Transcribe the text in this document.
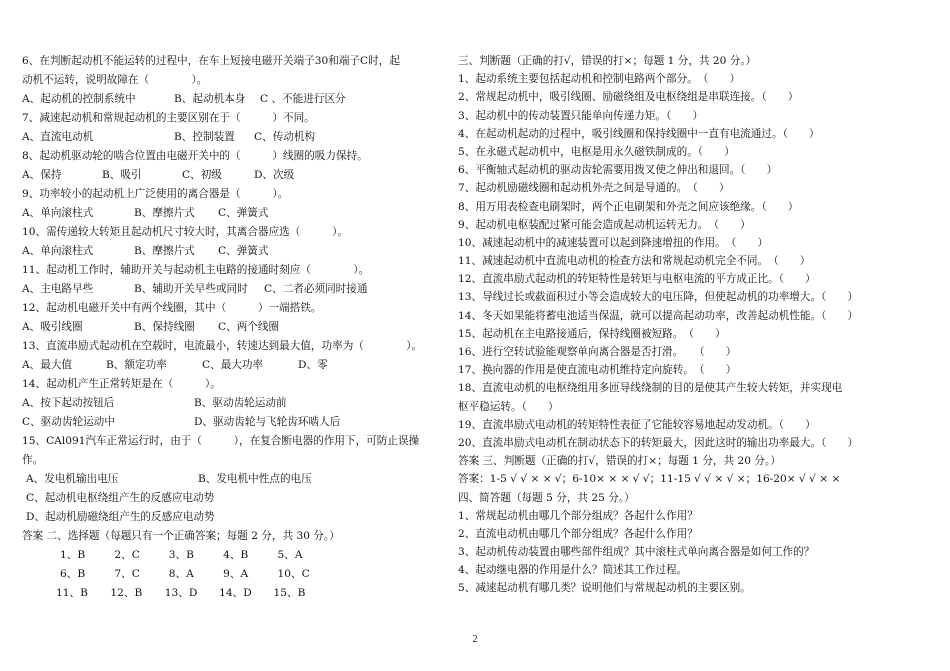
6、在判断起动机不能运转的过程中，在车上短接电磁开关端子30和端子C时，起
动机不运转，说明故障在（　　　　）。
A、起动机的控制系统中	B、起动机本身	C 、不能进行区分
7、减速起动机和常规起动机的主要区别在于（　　　）不同。
A、直流电动机	B、控制装置	C、传动机构
8、起动机驱动轮的啮合位置由电磁开关中的（　　　）线圈的吸力保持。
A、保持	B、吸引	C、初级	D、次级
9、功率较小的起动机上广泛使用的离合器是（　　　）。
A、单向滚柱式	B、摩擦片式	C、弹簧式
10、需传递较大转矩且起动机尺寸较大时，其离合器应选（　　　）。
A、单向滚柱式	B、摩擦片式	C、弹簧式
11、起动机工作时，辅助开关与起动机主电路的接通时刻应（　　　　）。
A、主电路早些	B、辅助开关早些或同时	C、二者必须同时接通
12、起动机电磁开关中有两个线圈，其中（　　　）一端搭铁。
A、吸引线圈	B、保持线圈	C、两个线圈
13、直流串励式起动机在空载时，电流最小，转速达到最大值，功率为（　　　　）。
A、最大值	B、额定功率	C、最大功率	D、零
14、起动机产生正常转矩是在（　　　）。
A、按下起动按钮后	B、驱动齿轮运动前
C、驱动齿轮运动中	D、驱动齿轮与飞轮齿环啮人后
15、CAl091汽车正常运行时，由于（　　　），在复合断电器的作用下，可防止误操
作。
A、发电机输出电压	B、发电机中性点的电压
C、起动机电枢绕组产生的反感应电动势
D、起动机励磁绕组产生的反感应电动势
答案 二、选择题（每题只有一个正确答案；每题 2 分，共 30 分。）
1、B	2、C	3、B	4、B	5、A
6、B	7、C	8、A	9、A	10、C
11、B 12、B 13、D 14、D 15、B
三、判断题（正确的打√，错误的打×；每题 1 分，共 20 分。）
1、起动系统主要包括起动机和控制电路两个部分。　（　　）
2、常规起动机中，吸引线圈、励磁绕组及电枢绕组是串联连接。（　　）
3、起动机中的传动装置只能单向传递力矩。（　　）
4、在起动机起动的过程中，吸引线圈和保持线圈中一直有电流通过。（　　）
5、在永磁式起动机中，电枢是用永久磁铁制成的。（　　）
6、平衡轴式起动机的驱动齿轮需要用拨叉使之伸出和退回。（　　）
7、起动机励磁线圈和起动机外壳之间是导通的。　（　　）
8、用万用表检查电刷架时，两个正电刷架和外壳之间应该绝缘。（　　）
9、起动机电枢装配过紧可能会造成起动机运转无力。　（　　）
10、减速起动机中的减速装置可以起到降速增扭的作用。　（　　）
11、减速起动机中直流电动机的检查方法和常规起动机完全不同。　（　　）
12、直流串励式起动机的转矩特性是转矩与电枢电流的平方成正比。（　　）
13、导线过长或截面积过小等会造成较大的电压降，但使起动机的功率增大。（　　）
14、冬天如果能将蓄电池适当保温，就可以提高起动功率，改善起动机性能。（　　）
15、起动机在主电路接通后，保持线圈被短路。　（　　）
16、进行空转试验能观察单向离合器是否打滑。　　（　　）
17、换向器的作用是使直流电动机维持定向旋转。　（　　）
18、直流电动机的电枢绕组用多匝导线绕制的目的是使其产生较大转矩，并实现电
枢平稳运转。（　　）
19、直流串励式电动机的转矩特性表征了它能较容易地起动发动机。（　　）
20、直流串励式电动机在制动状态下的转矩最大，因此这时的输出功率最大。（　　）
答案 三、判断题（正确的打√，错误的打×；每题 1 分，共 20 分。）
答案：1-5 √ √ × × √；6-10× × × √ √；11-15 √ √ × √ ×；16-20× √ √ × ×
四、简答题（每题 5 分，共 25 分。）
1、常规起动机由哪几个部分组成？各起什么作用？
2、直流电动机由哪几个部分组成？各起什么作用？
3、起动机传动装置由哪些部件组成？其中滚柱式单向离合器是如何工作的？
4、起动继电器的作用是什么？简述其工作过程。
5、减速起动机有哪几类？说明他们与常规起动机的主要区别。
2
